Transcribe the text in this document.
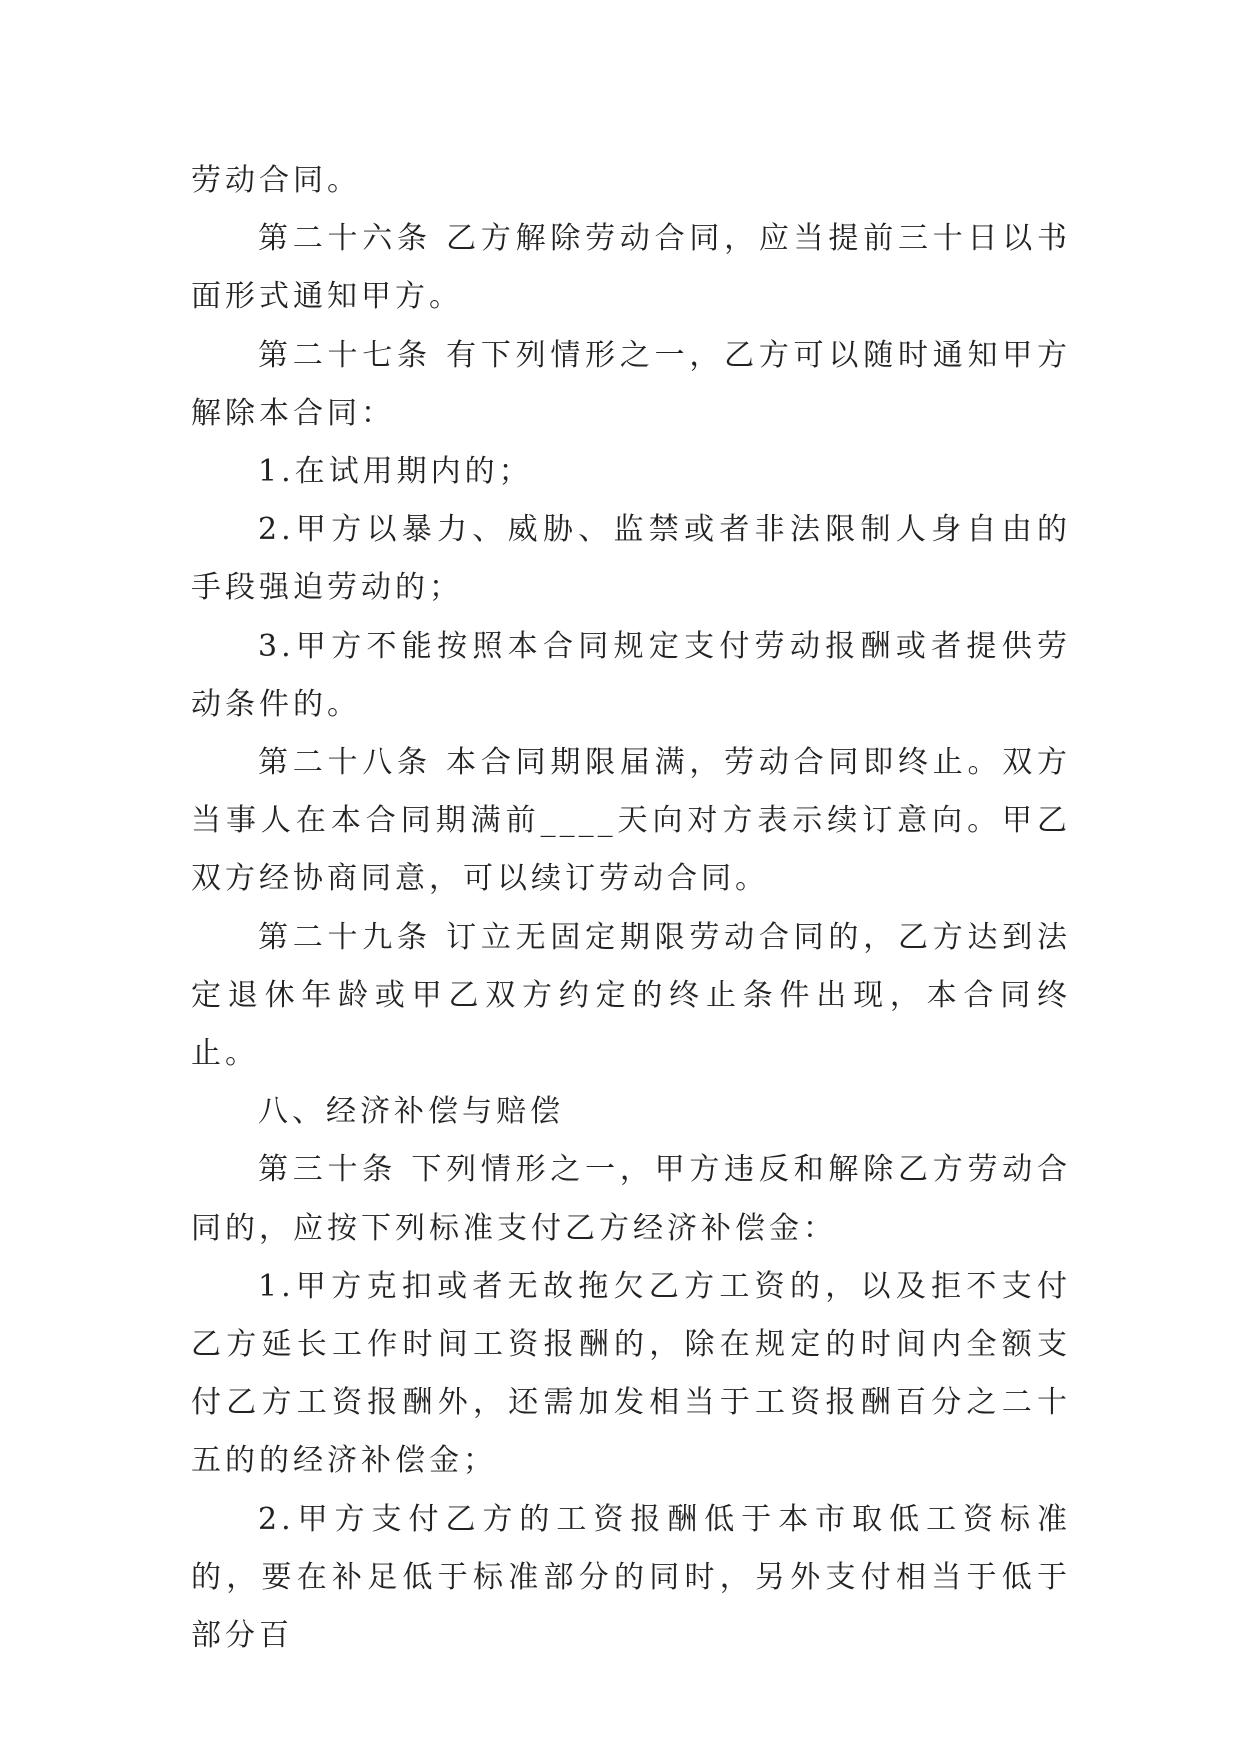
劳动合同。

第二十六条 乙方解除劳动合同，应当提前三十日以书面形式通知甲方。

第二十七条 有下列情形之一，乙方可以随时通知甲方解除本合同：

1.在试用期内的；

2.甲方以暴力、威胁、监禁或者非法限制人身自由的手段强迫劳动的；

3.甲方不能按照本合同规定支付劳动报酬或者提供劳动条件的。

第二十八条 本合同期限届满，劳动合同即终止。双方当事人在本合同期满前____天向对方表示续订意向。甲乙双方经协商同意，可以续订劳动合同。

第二十九条 订立无固定期限劳动合同的，乙方达到法定退休年龄或甲乙双方约定的终止条件出现，本合同终止。

八、经济补偿与赔偿

第三十条 下列情形之一，甲方违反和解除乙方劳动合同的，应按下列标准支付乙方经济补偿金：

1.甲方克扣或者无故拖欠乙方工资的，以及拒不支付乙方延长工作时间工资报酬的，除在规定的时间内全额支付乙方工资报酬外，还需加发相当于工资报酬百分之二十五的的经济补偿金；

2.甲方支付乙方的工资报酬低于本市取低工资标准的，要在补足低于标准部分的同时，另外支付相当于低于部分百
